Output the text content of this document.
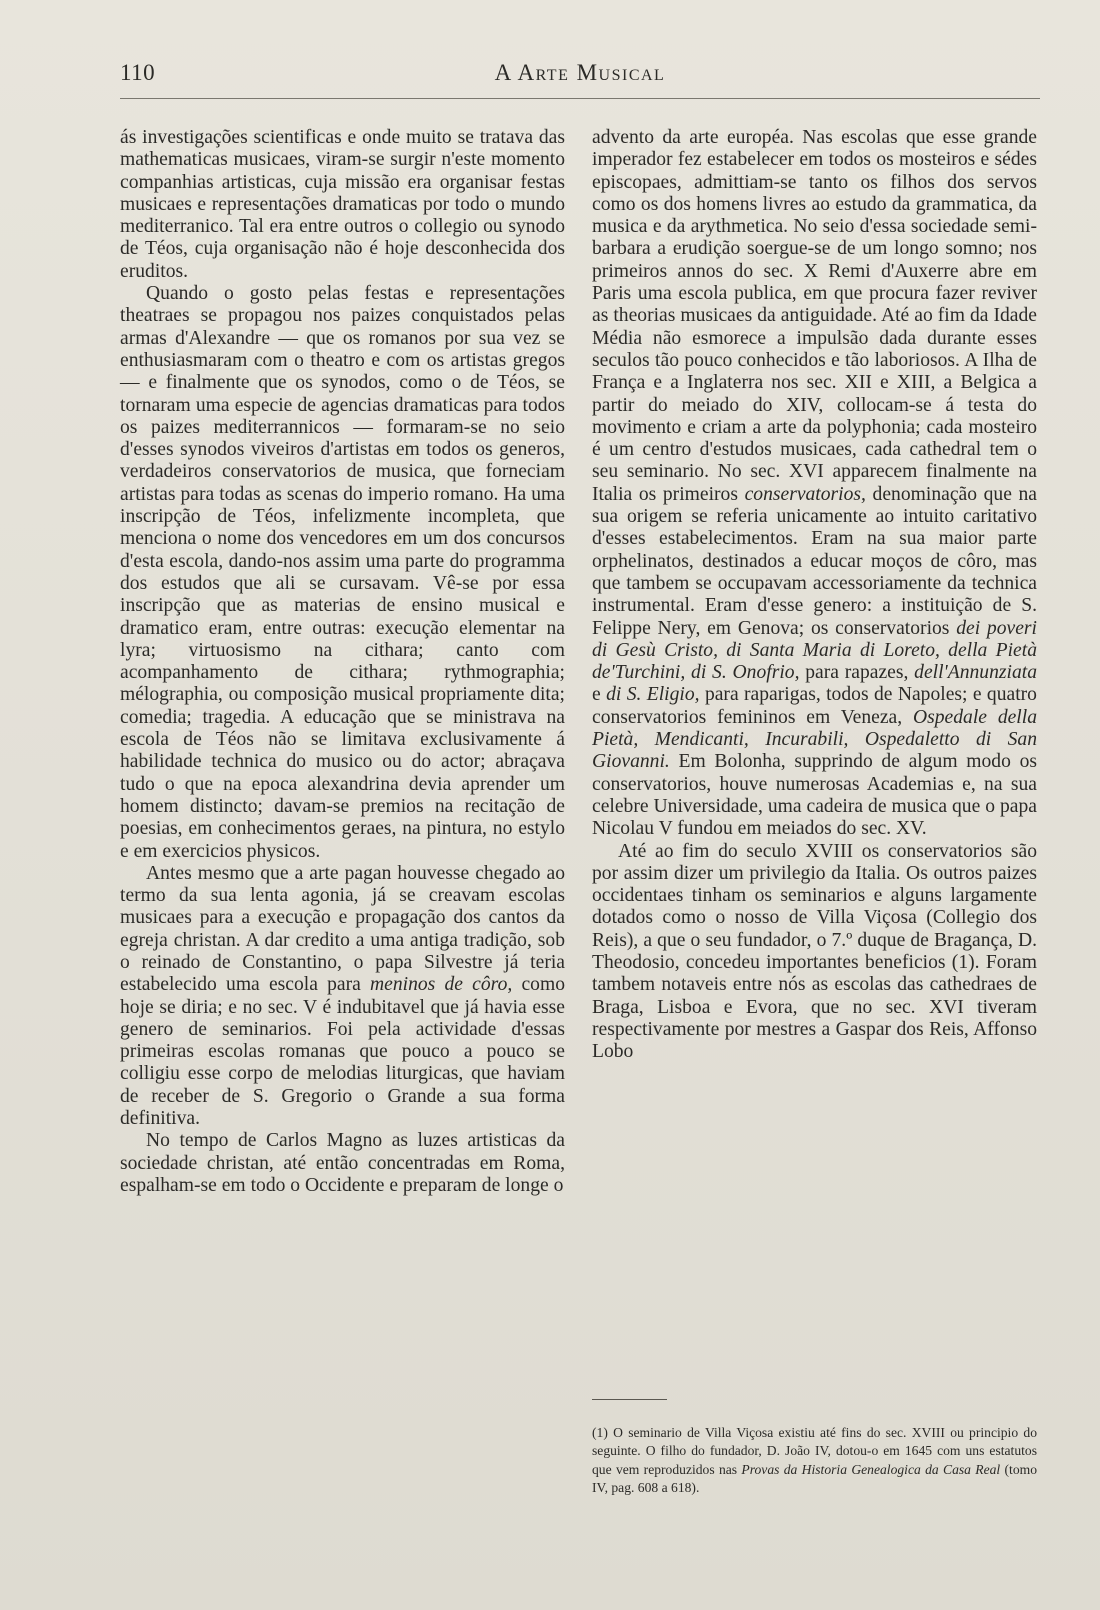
110	A Arte Musical

ás investigações scientificas e onde muito se tratava das mathematicas musicaes, viram-se surgir n'este momento companhias artisticas, cuja missão era organisar festas musicaes e representações dramaticas por todo o mundo mediterranico. Tal era entre outros o collegio ou synodo de Téos, cuja organisação não é hoje desconhecida dos eruditos.

Quando o gosto pelas festas e representações theatraes se propagou nos paizes conquistados pelas armas d'Alexandre — que os romanos por sua vez se enthusiasmaram com o theatro e com os artistas gregos — e finalmente que os synodos, como o de Téos, se tornaram uma especie de agencias dramaticas para todos os paizes mediterrannicos — formaram-se no seio d'esses synodos viveiros d'artistas em todos os generos, verdadeiros conservatorios de musica, que forneciam artistas para todas as scenas do imperio romano. Ha uma inscripção de Téos, infelizmente incompleta, que menciona o nome dos vencedores em um dos concursos d'esta escola, dando-nos assim uma parte do programma dos estudos que ali se cursavam. Vê-se por essa inscripção que as materias de ensino musical e dramatico eram, entre outras: execução elementar na lyra; virtuosismo na cithara; canto com acompanhamento de cithara; rythmographia; mélographia, ou composição musical propriamente dita; comedia; tragedia. A educação que se ministrava na escola de Téos não se limitava exclusivamente á habilidade technica do musico ou do actor; abraçava tudo o que na epoca alexandrina devia aprender um homem distincto; davam-se premios na recitação de poesias, em conhecimentos geraes, na pintura, no estylo e em exercicios physicos.

Antes mesmo que a arte pagan houvesse chegado ao termo da sua lenta agonia, já se creavam escolas musicaes para a execução e propagação dos cantos da egreja christan. A dar credito a uma antiga tradição, sob o reinado de Constantino, o papa Silvestre já teria estabelecido uma escola para meninos de côro, como hoje se diria; e no sec. V é indubitavel que já havia esse genero de seminarios. Foi pela actividade d'essas primeiras escolas romanas que pouco a pouco se colligiu esse corpo de melodias liturgicas, que haviam de receber de S. Gregorio o Grande a sua forma definitiva.

No tempo de Carlos Magno as luzes artisticas da sociedade christan, até então concentradas em Roma, espalham-se em todo o Occidente e preparam de longe o

advento da arte européa. Nas escolas que esse grande imperador fez estabelecer em todos os mosteiros e sédes episcopaes, admittiam-se tanto os filhos dos servos como os dos homens livres ao estudo da grammatica, da musica e da arythmetica. No seio d'essa sociedade semi-barbara a erudição soergue-se de um longo somno; nos primeiros annos do sec. X Remi d'Auxerre abre em Paris uma escola publica, em que procura fazer reviver as theorias musicaes da antiguidade. Até ao fim da Idade Média não esmorece a impulsão dada durante esses seculos tão pouco conhecidos e tão laboriosos. A Ilha de França e a Inglaterra nos sec. XII e XIII, a Belgica a partir do meiado do XIV, collocam-se á testa do movimento e criam a arte da polyphonia; cada mosteiro é um centro d'estudos musicaes, cada cathedral tem o seu seminario. No sec. XVI apparecem finalmente na Italia os primeiros conservatorios, denominação que na sua origem se referia unicamente ao intuito caritativo d'esses estabelecimentos. Eram na sua maior parte orphelinatos, destinados a educar moços de côro, mas que tambem se occupavam accessoriamente da technica instrumental. Eram d'esse genero: a instituição de S. Felippe Nery, em Genova; os conservatorios dei poveri di Gesù Cristo, di Santa Maria di Loreto, della Pietà de'Turchini, di S. Onofrio, para rapazes, dell'Annunziata e di S. Eligio, para raparigas, todos de Napoles; e quatro conservatorios femininos em Veneza, Ospedale della Pietà, Mendicanti, Incurabili, Ospedaletto di San Giovanni. Em Bolonha, supprindo de algum modo os conservatorios, houve numerosas Academias e, na sua celebre Universidade, uma cadeira de musica que o papa Nicolau V fundou em meiados do sec. XV.

Até ao fim do seculo XVIII os conservatorios são por assim dizer um privilegio da Italia. Os outros paizes occidentaes tinham os seminarios e alguns largamente dotados como o nosso de Villa Viçosa (Collegio dos Reis), a que o seu fundador, o 7.º duque de Bragança, D. Theodosio, concedeu importantes beneficios (1). Foram tambem notaveis entre nós as escolas das cathedraes de Braga, Lisboa e Evora, que no sec. XVI tiveram respectivamente por mestres a Gaspar dos Reis, Affonso Lobo

(1) O seminario de Villa Viçosa existiu até fins do sec. XVIII ou principio do seguinte. O filho do fundador, D. João IV, dotou-o em 1645 com uns estatutos que vem reproduzidos nas Provas da Historia Genealogica da Casa Real (tomo IV, pag. 608 a 618).
